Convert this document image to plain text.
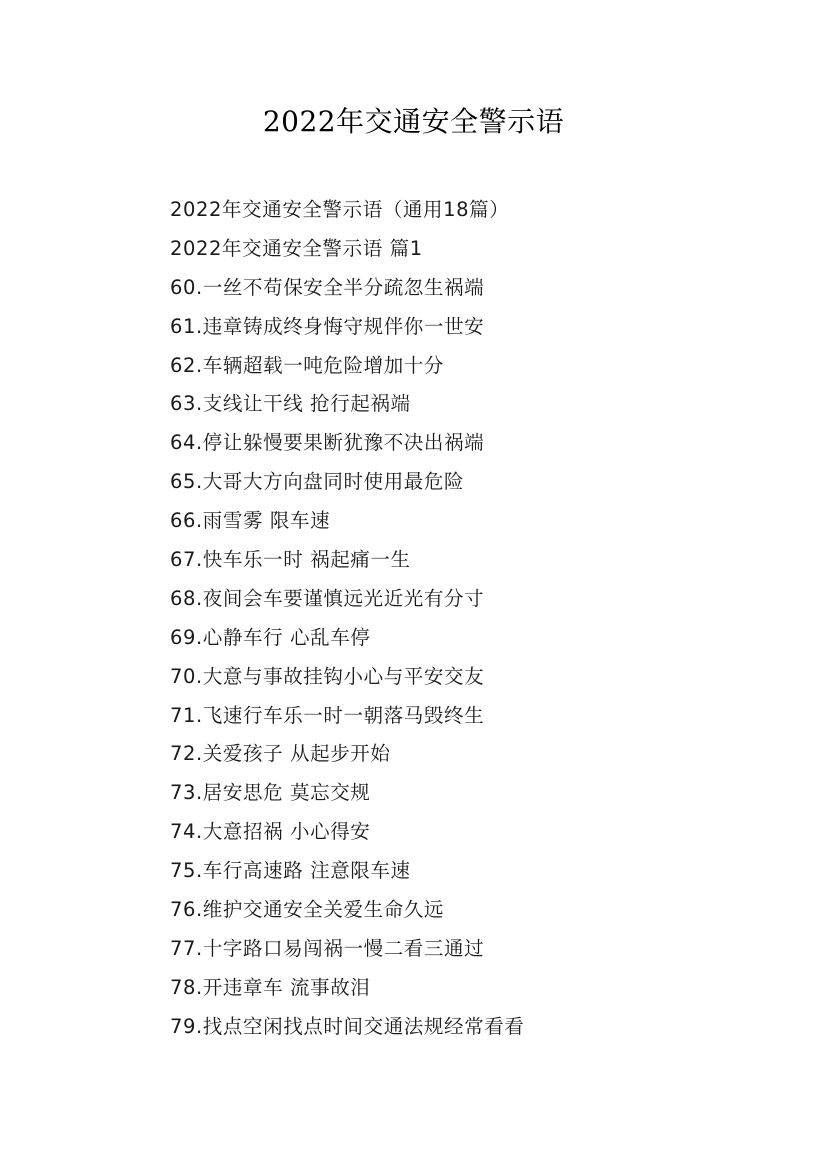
2022年交通安全警示语
2022年交通安全警示语（通用18篇）
2022年交通安全警示语 篇1
60.一丝不苟保安全半分疏忽生祸端
61.违章铸成终身悔守规伴你一世安
62.车辆超载一吨危险增加十分
63.支线让干线 抢行起祸端
64.停让躲慢要果断犹豫不决出祸端
65.大哥大方向盘同时使用最危险
66.雨雪雾 限车速
67.快车乐一时 祸起痛一生
68.夜间会车要谨慎远光近光有分寸
69.心静车行 心乱车停
70.大意与事故挂钩小心与平安交友
71.飞速行车乐一时一朝落马毁终生
72.关爱孩子 从起步开始
73.居安思危 莫忘交规
74.大意招祸 小心得安
75.车行高速路 注意限车速
76.维护交通安全关爱生命久远
77.十字路口易闯祸一慢二看三通过
78.开违章车 流事故泪
79.找点空闲找点时间交通法规经常看看
